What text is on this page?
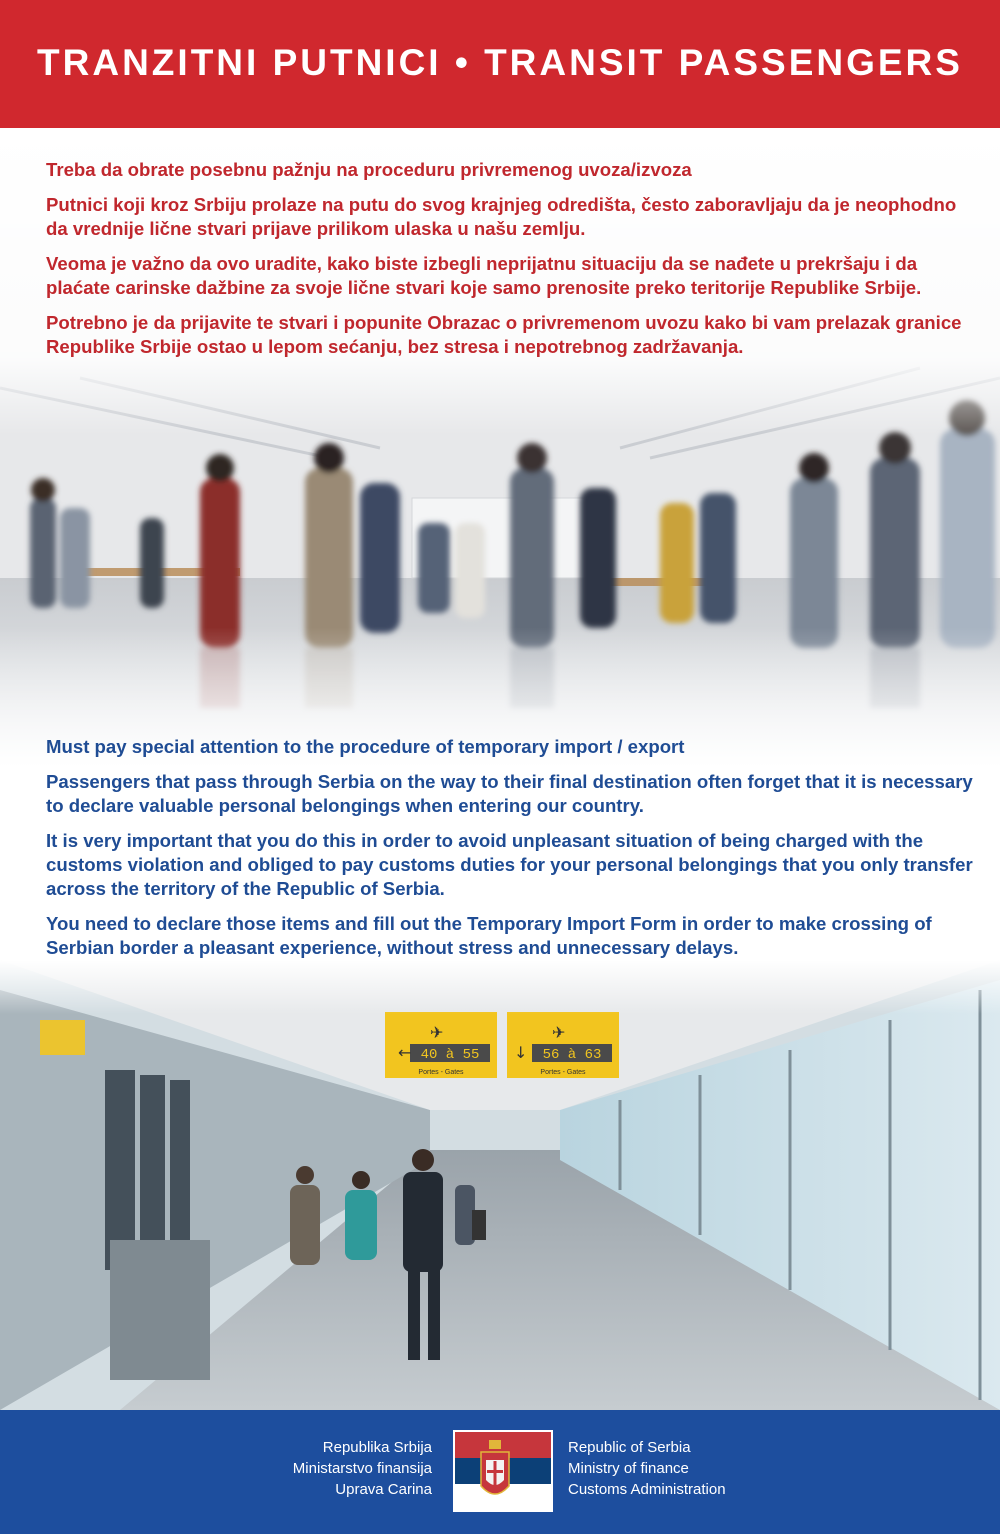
TRANZITNI PUTNICI • TRANSIT PASSENGERS

Treba da obrate posebnu pažnju na proceduru privremenog uvoza/izvoza

Putnici koji kroz Srbiju prolaze na putu do svog krajnjeg odredišta, često zaboravljaju da je neophodno da vrednije lične stvari prijave prilikom ulaska u našu zemlju.

Veoma je važno da ovo uradite, kako biste izbegli neprijatnu situaciju da se nađete u prekršaju i da plaćate carinske dažbine za svoje lične stvari koje samo prenosite preko teritorije Republike Srbije.

Potrebno je da prijavite te stvari i popunite Obrazac o privremenom uvozu kako bi vam prelazak granice Republike Srbije ostao u lepom sećanju, bez stresa i nepotrebnog zadržavanja.

Must pay special attention to the procedure of temporary import / export

Passengers that pass through Serbia on the way to their final destination often forget that it is necessary to declare valuable personal belongings when entering our country.

It is very important that you do this in order to avoid unpleasant situation of being charged with the customs violation and obliged to pay customs duties for your personal belongings that you only transfer across the territory of the Republic of Serbia.

You need to declare those items and fill out the Temporary Import Form in order to make crossing of Serbian border a pleasant experience, without stress and unnecessary delays.

Republika Srbija
Ministarstvo finansija
Uprava Carina
Republic of Serbia
Ministry of finance
Customs Administration
